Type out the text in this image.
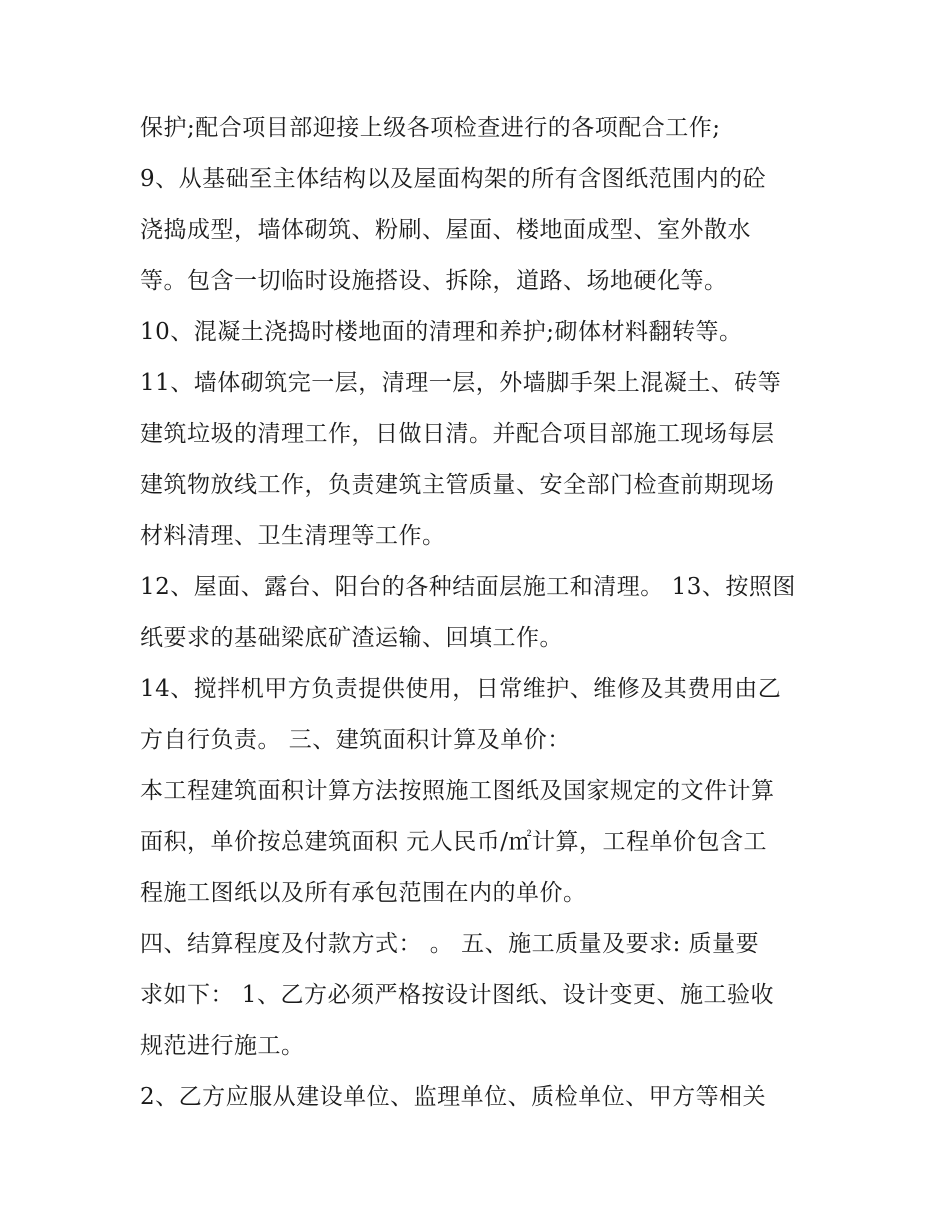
保护;配合项目部迎接上级各项检查进行的各项配合工作;
9、从基础至主体结构以及屋面构架的所有含图纸范围内的砼
浇捣成型，墙体砌筑、粉刷、屋面、楼地面成型、室外散水
等。包含一切临时设施搭设、拆除，道路、场地硬化等。
10、混凝土浇捣时楼地面的清理和养护;砌体材料翻转等。
11、墙体砌筑完一层，清理一层，外墙脚手架上混凝土、砖等
建筑垃圾的清理工作，日做日清。并配合项目部施工现场每层
建筑物放线工作，负责建筑主管质量、安全部门检查前期现场
材料清理、卫生清理等工作。
12、屋面、露台、阳台的各种结面层施工和清理。 13、按照图
纸要求的基础梁底矿渣运输、回填工作。
14、搅拌机甲方负责提供使用，日常维护、维修及其费用由乙
方自行负责。 三、建筑面积计算及单价：
本工程建筑面积计算方法按照施工图纸及国家规定的文件计算
面积，单价按总建筑面积 元人民币/㎡计算，工程单价包含工
程施工图纸以及所有承包范围在内的单价。
四、结算程度及付款方式： 。 五、施工质量及要求: 质量要
求如下： 1、乙方必须严格按设计图纸、设计变更、施工验收
规范进行施工。
2、乙方应服从建设单位、监理单位、质检单位、甲方等相关
